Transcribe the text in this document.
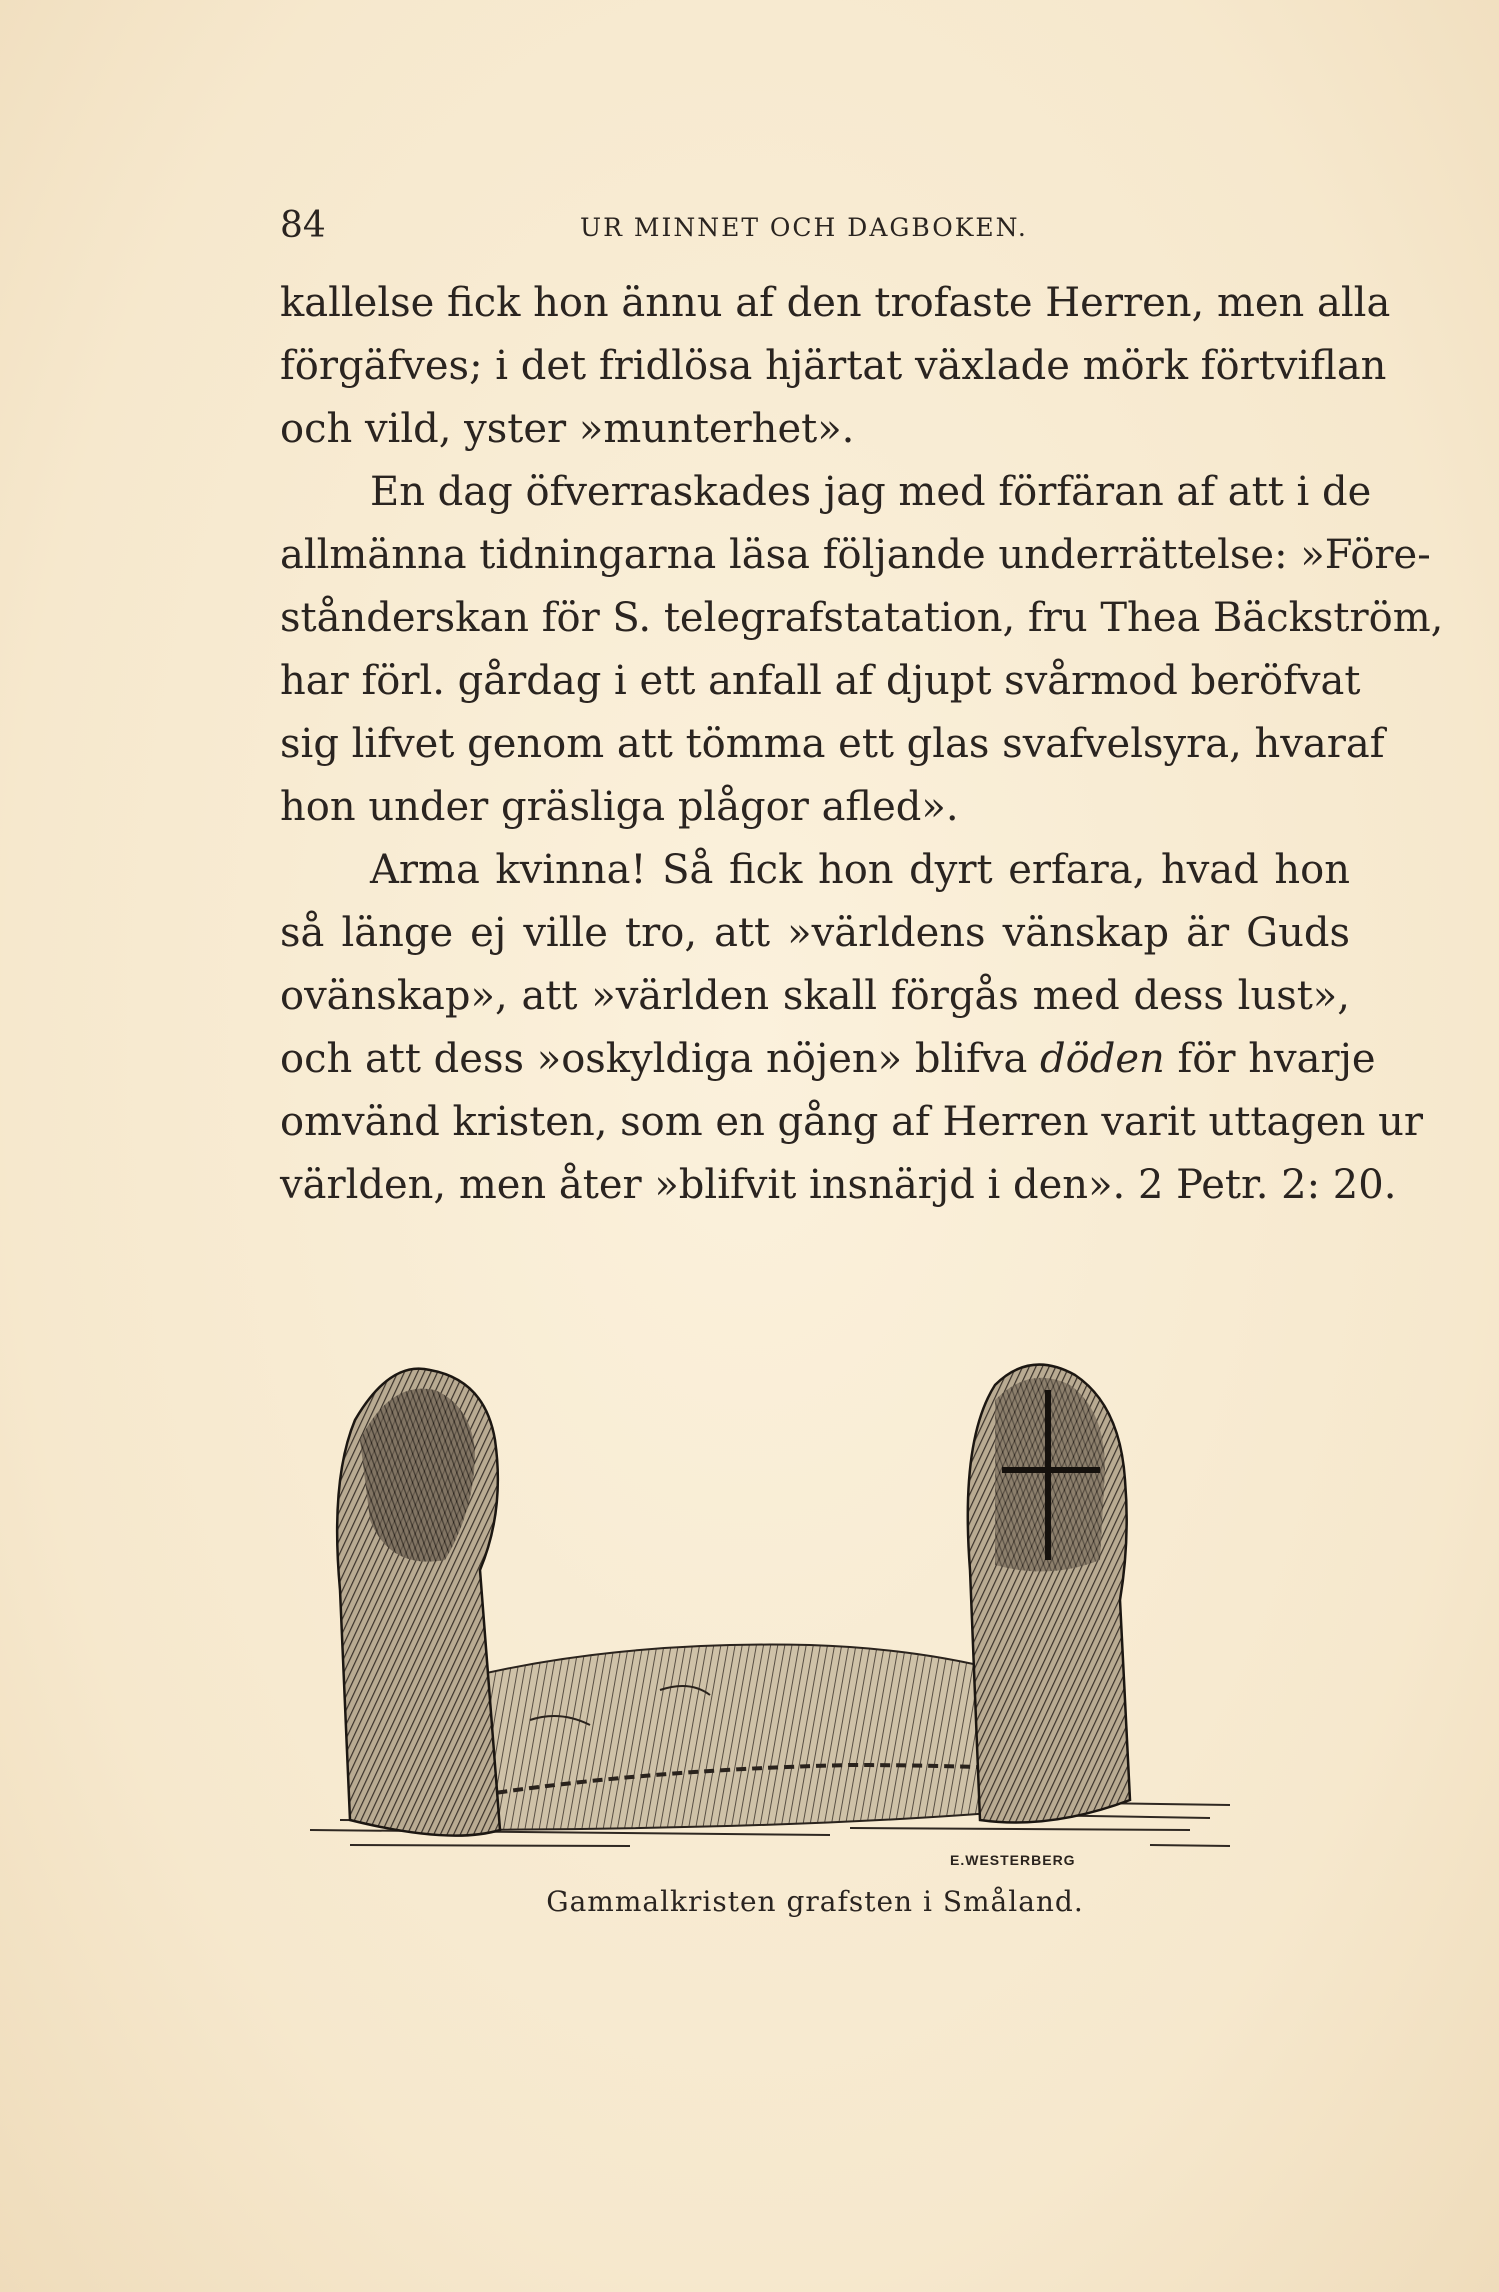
84	UR MINNET OCH DAGBOKEN.
kallelse fick hon ännu af den trofaste Herren, men alla
förgäfves; i det fridlösa hjärtat växlade mörk förtviflan
och vild, yster »munterhet».
En dag öfverraskades jag med förfäran af att i de
allmänna tidningarna läsa följande underrättelse: »Före-
stånderskan för S. telegrafstatation, fru Thea Bäckström,
har förl. gårdag i ett anfall af djupt svårmod beröfvat
sig lifvet genom att tömma ett glas svafvelsyra, hvaraf
hon under gräsliga plågor afled».
Arma kvinna! Så fick hon dyrt erfara, hvad hon
så länge ej ville tro, att »världens vänskap är Guds
ovänskap», att »världen skall förgås med dess lust»,
och att dess »oskyldiga nöjen» blifva döden för hvarje
omvänd kristen, som en gång af Herren varit uttagen ur
världen, men åter »blifvit insnärjd i den». 2 Petr. 2: 20.
E.WESTERBERG
Gammalkristen grafsten i Småland.
